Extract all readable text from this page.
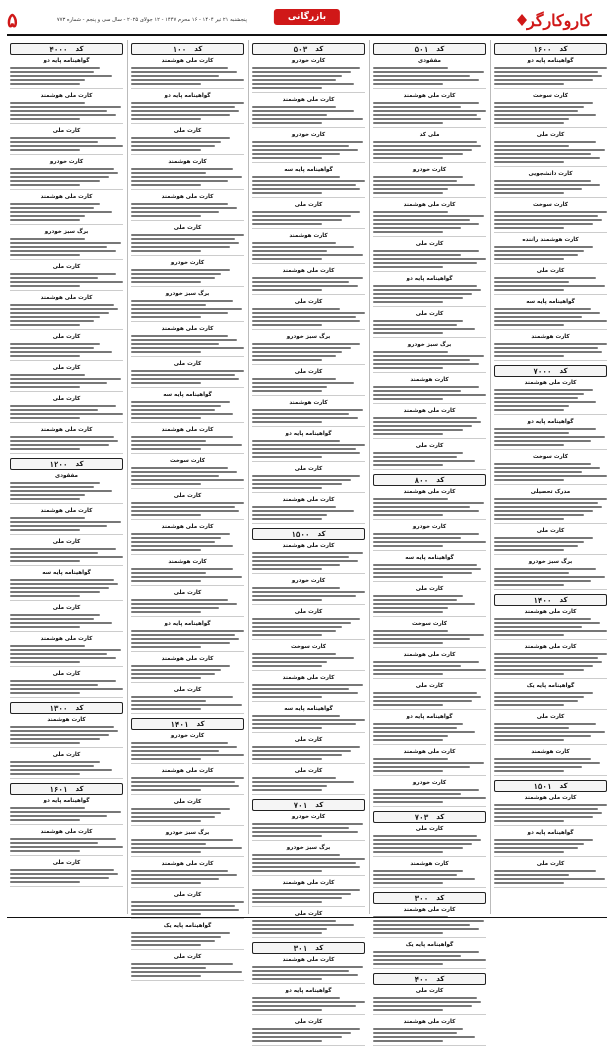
کاروکارگر
بازرگانی
پنجشنبه ۲۱ تیر ۱۴۰۴ - ۱۶ محرم ۱۴۴۷ - ۱۲ جولای ۲۰۲۵ - سال سی و پنجم - شماره ۷۷۳
۵
کد
۱۶۰۰
گواهینامه پایه دو
کارت سوخت
کارت ملی
کارت دانشجویی
کارت سوخت
کارت هوشمند راننده
کارت ملی
گواهینامه پایه سه
کارت هوشمند
کد
۷۰۰۰
کارت ملی هوشمند
گواهینامه پایه دو
کارت سوخت
مدرک تحصیلی
کارت ملی
برگ سبز خودرو
کد
۱۴۰۰
کارت ملی هوشمند
کارت ملی هوشمند
گواهینامه پایه یک
کارت ملی
کارت هوشمند
کد
۱۵۰۱
کارت ملی هوشمند
گواهینامه پایه دو
کارت ملی
کد
۵۰۱
مفقودی
کارت ملی هوشمند
ملی کد
کارت خودرو
کارت ملی هوشمند
کارت ملی
گواهینامه پایه دو
کارت ملی
برگ سبز خودرو
کارت هوشمند
کارت ملی هوشمند
کارت ملی
کد
۸۰۰
کارت ملی هوشمند
کارت خودرو
گواهینامه پایه سه
کارت ملی
کارت سوخت
کارت ملی هوشمند
کارت ملی
گواهینامه پایه دو
کارت ملی هوشمند
کارت خودرو
کد
۷۰۳
کارت ملی
کارت هوشمند
کد
۳۰۰
کارت ملی هوشمند
گواهینامه پایه یک
کد
۴۰۰
کارت ملی
کارت ملی هوشمند
کد
۵۰۳
کارت خودرو
کارت ملی هوشمند
کارت خودرو
گواهینامه پایه سه
کارت ملی
کارت هوشمند
کارت ملی هوشمند
کارت ملی
برگ سبز خودرو
کارت ملی
کارت هوشمند
گواهینامه پایه دو
کارت ملی
کارت ملی هوشمند
کد
۱۵۰۰
کارت ملی هوشمند
کارت خودرو
کارت ملی
کارت سوخت
کارت ملی هوشمند
گواهینامه پایه سه
کارت ملی
کارت ملی
کد
۷۰۱
کارت خودرو
برگ سبز خودرو
کارت ملی هوشمند
کارت ملی
کد
۳۰۱
کارت ملی هوشمند
گواهینامه پایه دو
کارت ملی
کد
۱۰۰
کارت ملی هوشمند
گواهینامه پایه دو
کارت ملی
کارت هوشمند
کارت ملی هوشمند
کارت ملی
کارت خودرو
برگ سبز خودرو
کارت ملی هوشمند
کارت ملی
گواهینامه پایه سه
کارت ملی هوشمند
کارت سوخت
کارت ملی
کارت ملی هوشمند
کارت هوشمند
کارت ملی
گواهینامه پایه دو
کارت ملی هوشمند
کارت ملی
کد
۱۴۰۱
کارت خودرو
کارت ملی هوشمند
کارت ملی
برگ سبز خودرو
کارت ملی هوشمند
کارت ملی
گواهینامه پایه یک
کارت ملی
کد
۴۰۰۰
گواهینامه پایه دو
کارت ملی هوشمند
کارت ملی
کارت خودرو
کارت ملی هوشمند
برگ سبز خودرو
کارت ملی
کارت ملی هوشمند
کارت ملی
کارت ملی
کارت ملی
کارت ملی هوشمند
کد
۱۲۰۰
مفقودی
کارت ملی هوشمند
کارت ملی
گواهینامه پایه سه
کارت ملی
کارت ملی هوشمند
کارت ملی
کد
۱۳۰۰
کارت هوشمند
کارت ملی
کد
۱۶۰۱
گواهینامه پایه دو
کارت ملی هوشمند
کارت ملی
